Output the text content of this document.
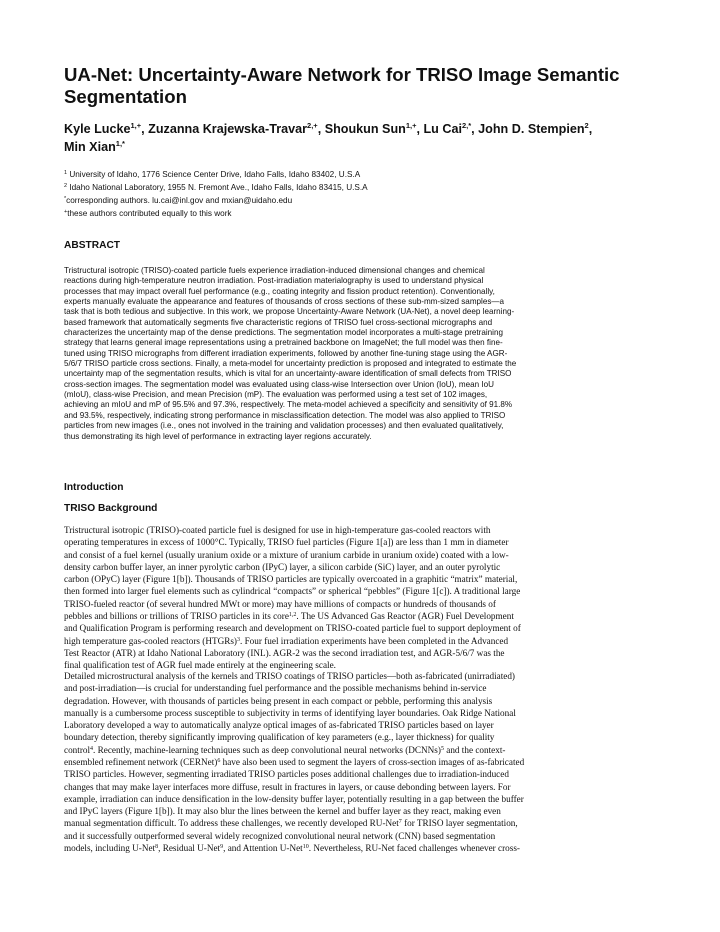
UA-Net: Uncertainty-Aware Network for TRISO Image Semantic Segmentation
Kyle Lucke$^{1,+}$, Zuzanna Krajewska-Travar$^{2,+}$, Shoukun Sun$^{1,+}$, Lu Cai$^{2,*}$, John D. Stempien$^2$,
Min Xian$^{1,*}$
$^1$ University of Idaho, 1776 Science Center Drive, Idaho Falls, Idaho 83402, U.S.A
$^2$ Idaho National Laboratory, 1955 N. Fremont Ave., Idaho Falls, Idaho 83415, U.S.A
*corresponding authors. lu.cai@inl.gov and mxian@uidaho.edu
+these authors contributed equally to this work
ABSTRACT
Tristructural isotropic (TRISO)-coated particle fuels experience irradiation-induced dimensional changes and chemical
reactions during high-temperature neutron irradiation. Post-irradiation materialography is used to understand physical
processes that may impact overall fuel performance (e.g., coating integrity and fission product retention). Conventionally,
experts manually evaluate the appearance and features of thousands of cross sections of these sub-mm-sized samples—a
task that is both tedious and subjective. In this work, we propose Uncertainty-Aware Network (UA-Net), a novel deep learning-
based framework that automatically segments five characteristic regions of TRISO fuel cross-sectional micrographs and
characterizes the uncertainty map of the dense predictions. The segmentation model incorporates a multi-stage pretraining
strategy that learns general image representations using a pretrained backbone on ImageNet; the full model was then fine-
tuned using TRISO micrographs from different irradiation experiments, followed by another fine-tuning stage using the AGR-
5/6/7 TRISO particle cross sections. Finally, a meta-model for uncertainty prediction is proposed and integrated to estimate the
uncertainty map of the segmentation results, which is vital for an uncertainty-aware identification of small defects from TRISO
cross-section images. The segmentation model was evaluated using class-wise Intersection over Union (IoU), mean IoU
(mIoU), class-wise Precision, and mean Precision (mP). The evaluation was performed using a test set of 102 images,
achieving an mIoU and mP of 95.5% and 97.3%, respectively. The meta-model achieved a specificity and sensitivity of 91.8%
and 93.5%, respectively, indicating strong performance in misclassification detection. The model was also applied to TRISO
particles from new images (i.e., ones not involved in the training and validation processes) and then evaluated qualitatively,
thus demonstrating its high level of performance in extracting layer regions accurately.
Introduction
TRISO Background
Tristructural isotropic (TRISO)-coated particle fuel is designed for use in high-temperature gas-cooled reactors with
operating temperatures in excess of 1000°C. Typically, TRISO fuel particles (Figure 1[a]) are less than 1 mm in diameter
and consist of a fuel kernel (usually uranium oxide or a mixture of uranium carbide in uranium oxide) coated with a low-
density carbon buffer layer, an inner pyrolytic carbon (IPyC) layer, a silicon carbide (SiC) layer, and an outer pyrolytic
carbon (OPyC) layer (Figure 1[b]). Thousands of TRISO particles are typically overcoated in a graphitic “matrix” material,
then formed into larger fuel elements such as cylindrical “compacts” or spherical “pebbles” (Figure 1[c]). A traditional large
TRISO-fueled reactor (of several hundred MWt or more) may have millions of compacts or hundreds of thousands of
pebbles and billions or trillions of TRISO particles in its core$^{1,2}$. The US Advanced Gas Reactor (AGR) Fuel Development
and Qualification Program is performing research and development on TRISO-coated particle fuel to support deployment of
high temperature gas-cooled reactors (HTGRs)$^3$. Four fuel irradiation experiments have been completed in the Advanced
Test Reactor (ATR) at Idaho National Laboratory (INL). AGR-2 was the second irradiation test, and AGR-5/6/7 was the
final qualification test of AGR fuel made entirely at the engineering scale.
Detailed microstructural analysis of the kernels and TRISO coatings of TRISO particles—both as-fabricated (unirradiated)
and post-irradiation—is crucial for understanding fuel performance and the possible mechanisms behind in-service
degradation. However, with thousands of particles being present in each compact or pebble, performing this analysis
manually is a cumbersome process susceptible to subjectivity in terms of identifying layer boundaries. Oak Ridge National
Laboratory developed a way to automatically analyze optical images of as-fabricated TRISO particles based on layer
boundary detection, thereby significantly improving qualification of key parameters (e.g., layer thickness) for quality
control$^4$. Recently, machine-learning techniques such as deep convolutional neural networks (DCNNs)$^5$ and the context-
ensembled refinement network (CERNet)$^6$ have also been used to segment the layers of cross-section images of as-fabricated
TRISO particles. However, segmenting irradiated TRISO particles poses additional challenges due to irradiation-induced
changes that may make layer interfaces more diffuse, result in fractures in layers, or cause debonding between layers. For
example, irradiation can induce densification in the low-density buffer layer, potentially resulting in a gap between the buffer
and IPyC layers (Figure 1[b]). It may also blur the lines between the kernel and buffer layer as they react, making even
manual segmentation difficult. To address these challenges, we recently developed RU-Net$^7$ for TRISO layer segmentation,
and it successfully outperformed several widely recognized convolutional neural network (CNN) based segmentation
models, including U-Net$^8$, Residual U-Net$^9$, and Attention U-Net$^{10}$. Nevertheless, RU-Net faced challenges whenever cross-
